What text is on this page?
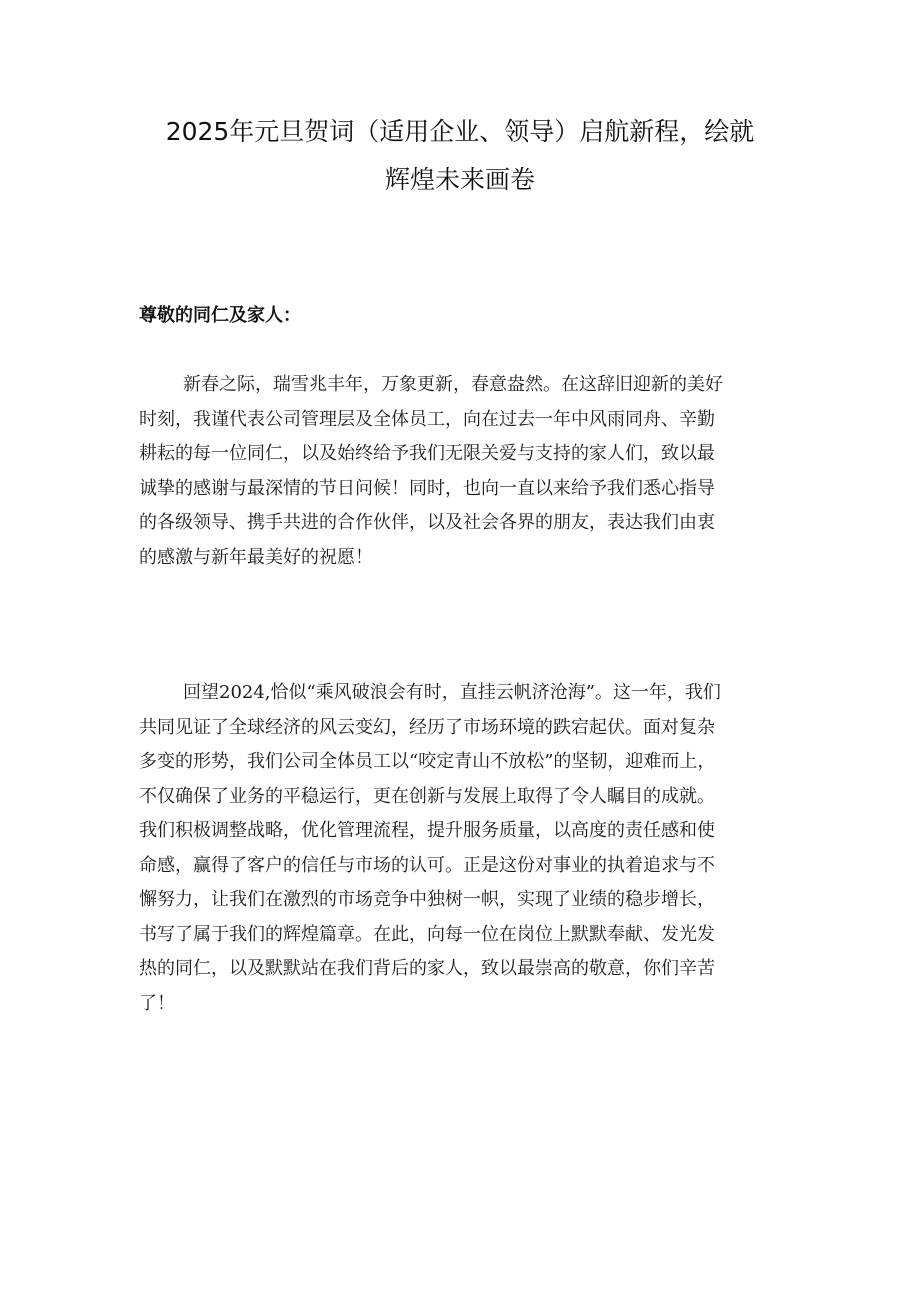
2025年元旦贺词（适用企业、领导）启航新程，绘就
辉煌未来画卷
尊敬的同仁及家人：
新春之际，瑞雪兆丰年，万象更新，春意盎然。在这辞旧迎新的美好
时刻，我谨代表公司管理层及全体员工，向在过去一年中风雨同舟、辛勤
耕耘的每一位同仁，以及始终给予我们无限关爱与支持的家人们，致以最
诚挚的感谢与最深情的节日问候！同时，也向一直以来给予我们悉心指导
的各级领导、携手共进的合作伙伴，以及社会各界的朋友，表达我们由衷
的感激与新年最美好的祝愿！
回望2024,恰似“乘风破浪会有时，直挂云帆济沧海”。这一年，我们
共同见证了全球经济的风云变幻，经历了市场环境的跌宕起伏。面对复杂
多变的形势，我们公司全体员工以“咬定青山不放松”的坚韧，迎难而上，
不仅确保了业务的平稳运行，更在创新与发展上取得了令人瞩目的成就。
我们积极调整战略，优化管理流程，提升服务质量，以高度的责任感和使
命感，赢得了客户的信任与市场的认可。正是这份对事业的执着追求与不
懈努力，让我们在激烈的市场竞争中独树一帜，实现了业绩的稳步增长，
书写了属于我们的辉煌篇章。在此，向每一位在岗位上默默奉献、发光发
热的同仁，以及默默站在我们背后的家人，致以最崇高的敬意，你们辛苦
了！
